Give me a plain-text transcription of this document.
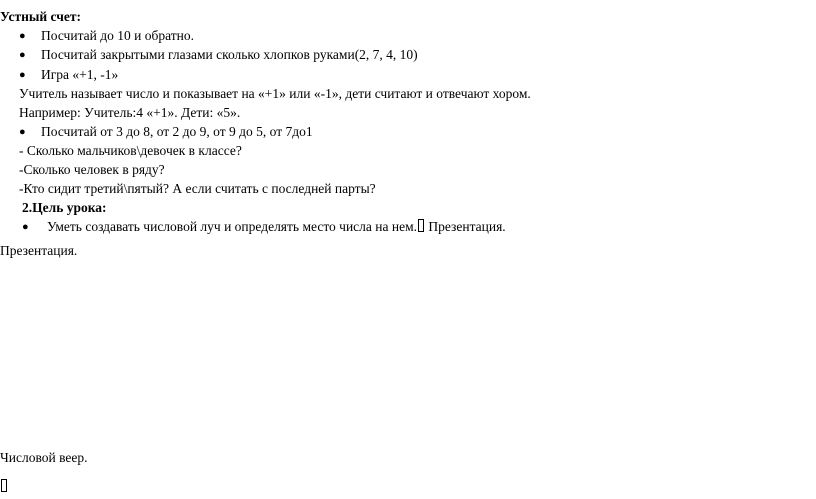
Устный счет:
● Посчитай до 10 и обратно.
● Посчитай закрытыми глазами сколько хлопков руками(2, 7, 4, 10)
● Игра «+1, -1»
Учитель называет число и показывает на «+1» или «-1», дети считают и отвечают хором.
Например: Учитель:4 «+1». Дети: «5».
● Посчитай от 3 до 8, от 2 до 9, от 9 до 5, от 7до1
- Сколько мальчиков\девочек в классе?
-Сколько человек в ряду?
-Кто сидит третий\пятый? А если считать с последней парты?
2.Цель урока:
● Уметь создавать числовой луч и определять место числа на нем. Презентация.
Презентация.
Числовой веер.
